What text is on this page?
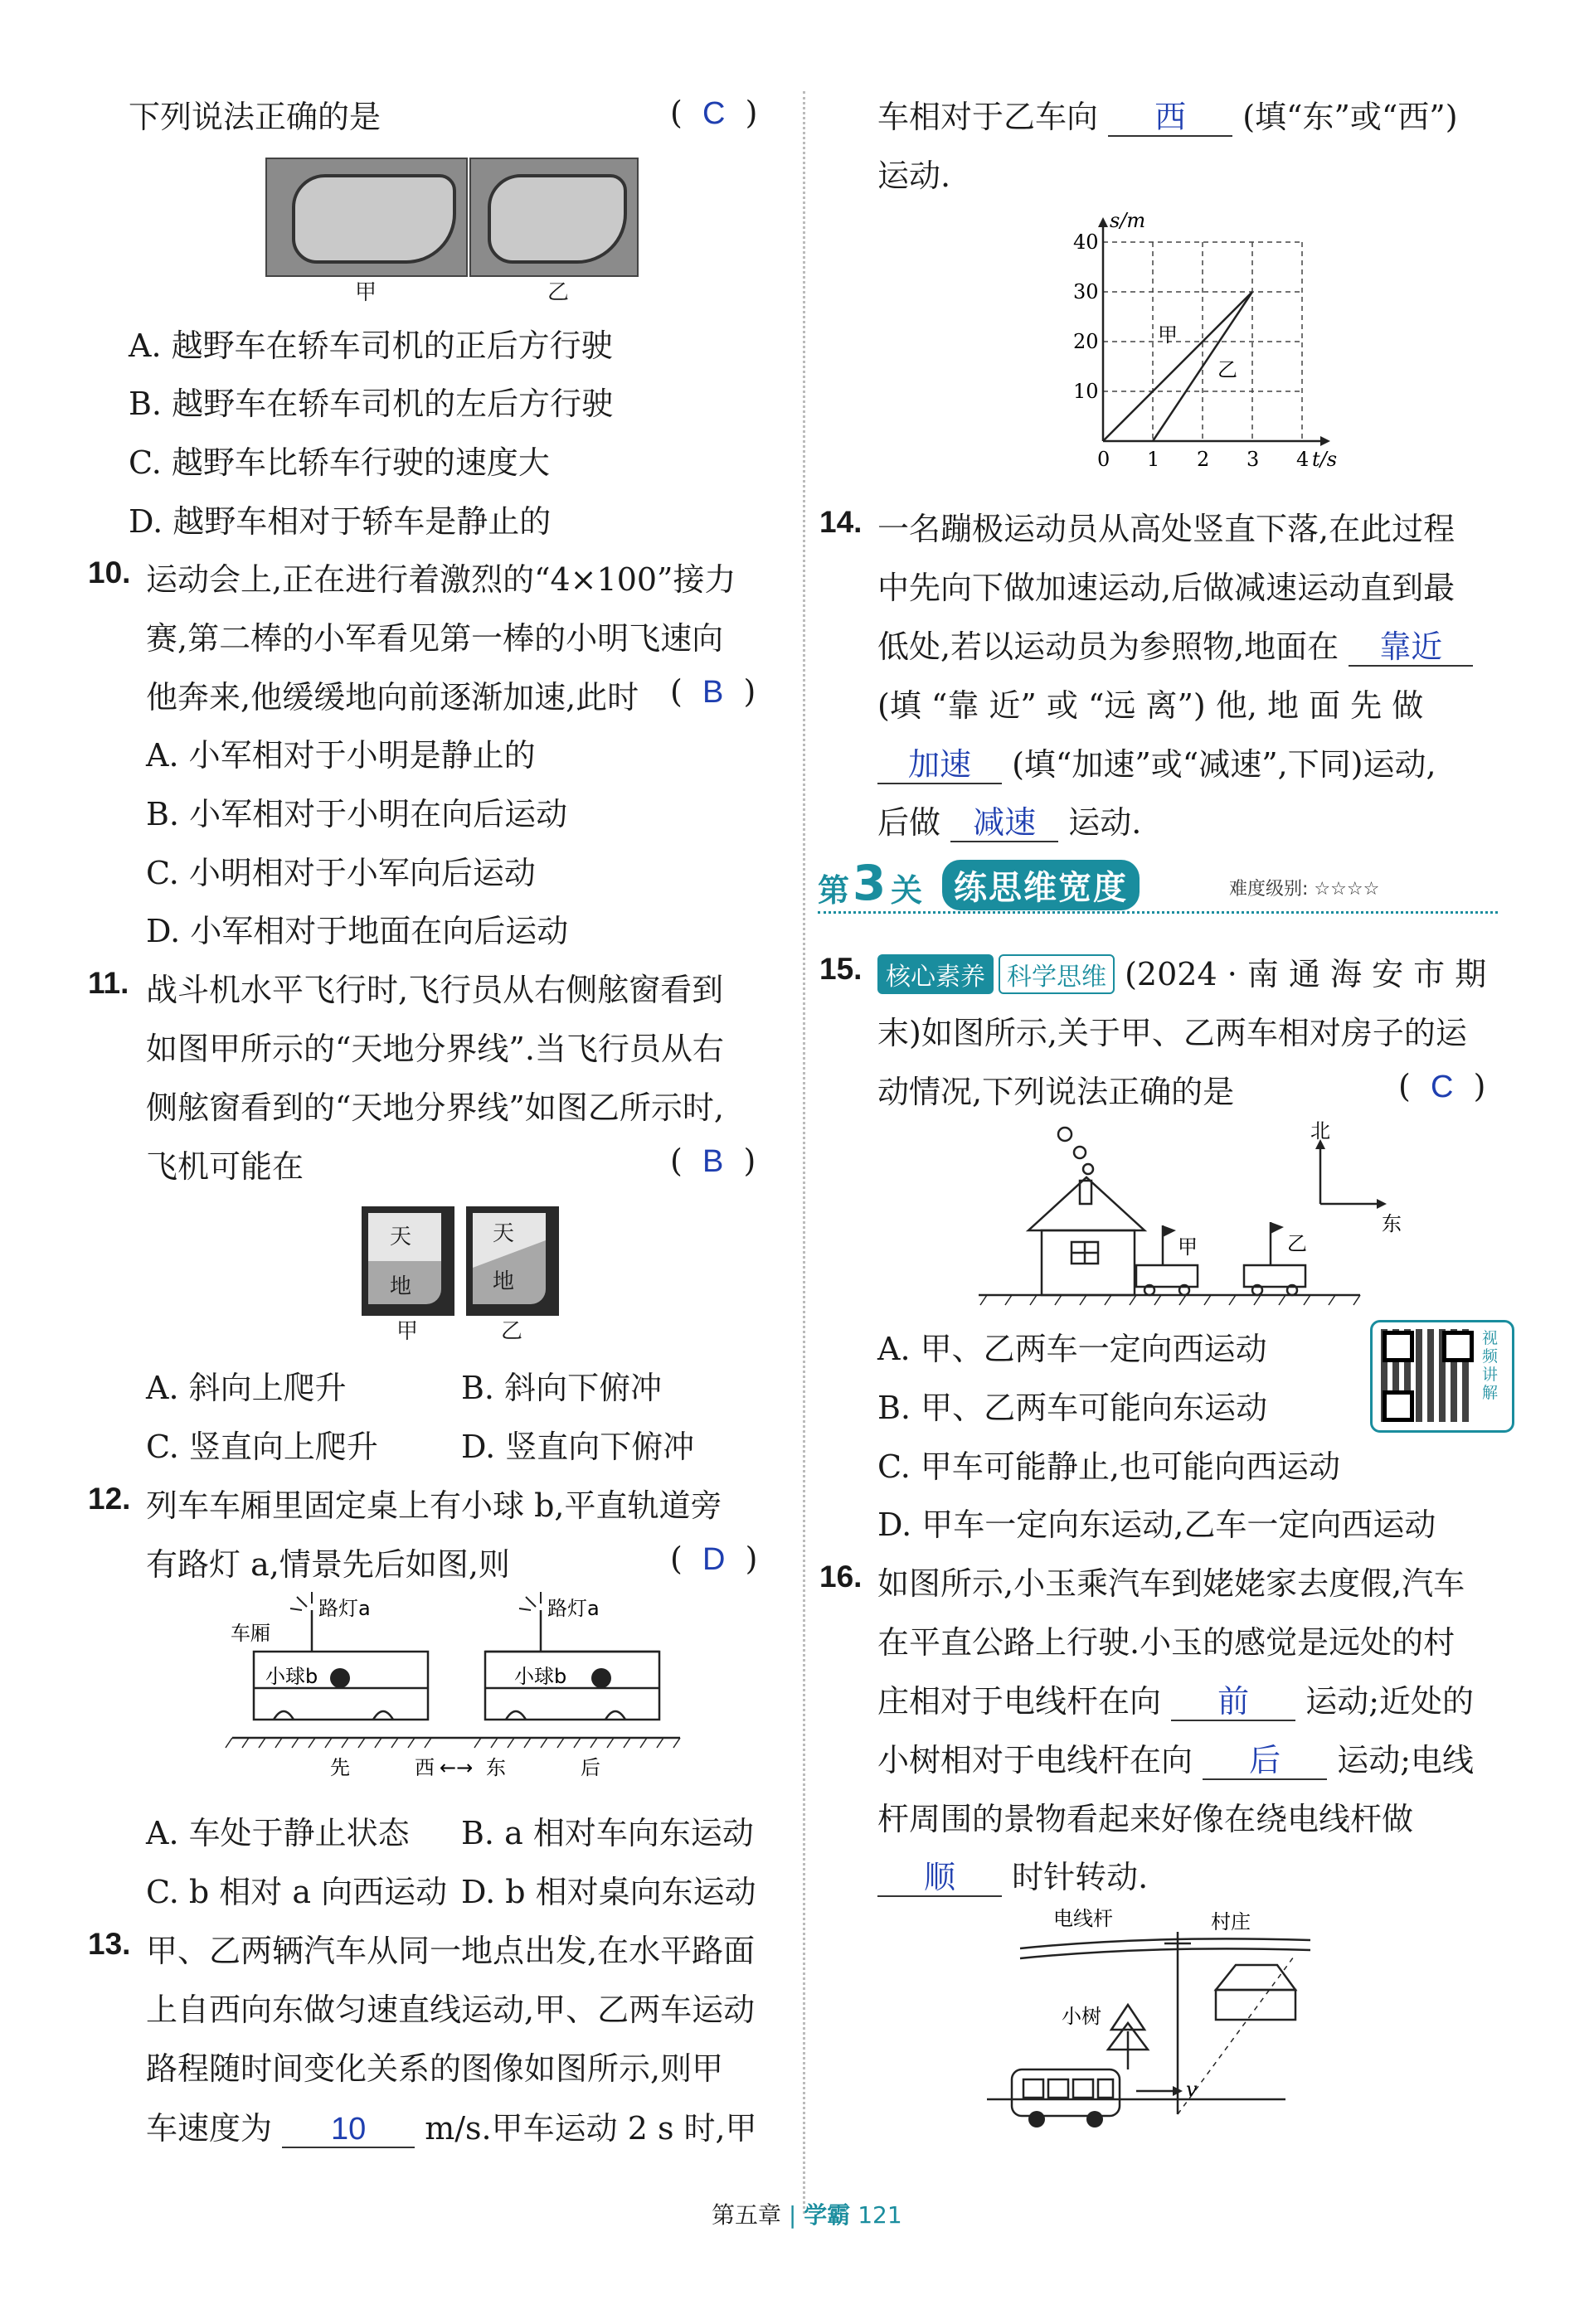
下列说法正确的是	(  C  )
甲	乙
A. 越野车在轿车司机的正后方行驶
B. 越野车在轿车司机的左后方行驶
C. 越野车比轿车行驶的速度大
D. 越野车相对于轿车是静止的
10. 运动会上,正在进行着激烈的“4×100”接力
赛,第二棒的小军看见第一棒的小明飞速向
他奔来,他缓缓地向前逐渐加速,此时 (  B  )
A. 小军相对于小明是静止的
B. 小军相对于小明在向后运动
C. 小明相对于小军向后运动
D. 小军相对于地面在向后运动
11. 战斗机水平飞行时,飞行员从右侧舷窗看到
如图甲所示的“天地分界线”.当飞行员从右
侧舷窗看到的“天地分界线”如图乙所示时,
飞机可能在	(  B  )
天
地
天
地
甲	乙
A. 斜向上爬升	B. 斜向下俯冲
C. 竖直向上爬升	D. 竖直向下俯冲
12. 列车车厢里固定桌上有小球 b,平直轨道旁
有路灯 a,情景先后如图,则	(  D  )
车厢
路灯a	路灯a
小球b	小球b
先	西 ←→ 东	后
A. 车处于静止状态 B. a 相对车向东运动
C. b 相对 a 向西运动 D. b 相对桌向东运动
13. 甲、乙两辆汽车从同一地点出发,在水平路面
上自西向东做匀速直线运动,甲、乙两车运动
路程随时间变化关系的图像如图所示,则甲
车速度为 10 m/s.甲车运动 2 s 时,甲
车相对于乙车向 西 (填“东”或“西”)
运动.
0 1 2 3 4
10
20
30
40
t/s
s/m
甲
乙
14. 一名蹦极运动员从高处竖直下落,在此过程
中先向下做加速运动,后做减速运动直到最
低处,若以运动员为参照物,地面在 靠近
(填 “靠 近” 或 “远 离”) 他, 地 面 先 做
加速 (填“加速”或“减速”,下同)运动,
后做 减速 运动.
第 3 关 练思维宽度	难度级别: ☆☆☆☆
15. 核心素养 科学思维 (2024 · 南 通 海 安 市 期
末)如图所示,关于甲、乙两车相对房子的运
动情况,下列说法正确的是	(  C  )
甲	乙
北
东
A. 甲、乙两车一定向西运动
B. 甲、乙两车可能向东运动
C. 甲车可能静止,也可能向西运动
D. 甲车一定向东运动,乙车一定向西运动
视频讲解
16. 如图所示,小玉乘汽车到姥姥家去度假,汽车
在平直公路上行驶.小玉的感觉是远处的村
庄相对于电线杆在向 前 运动;近处的
小树相对于电线杆在向 后 运动;电线
杆周围的景物看起来好像在绕电线杆做
顺 时针转动.
电线杆	村庄
小树
v
第五章 | 学霸 121
